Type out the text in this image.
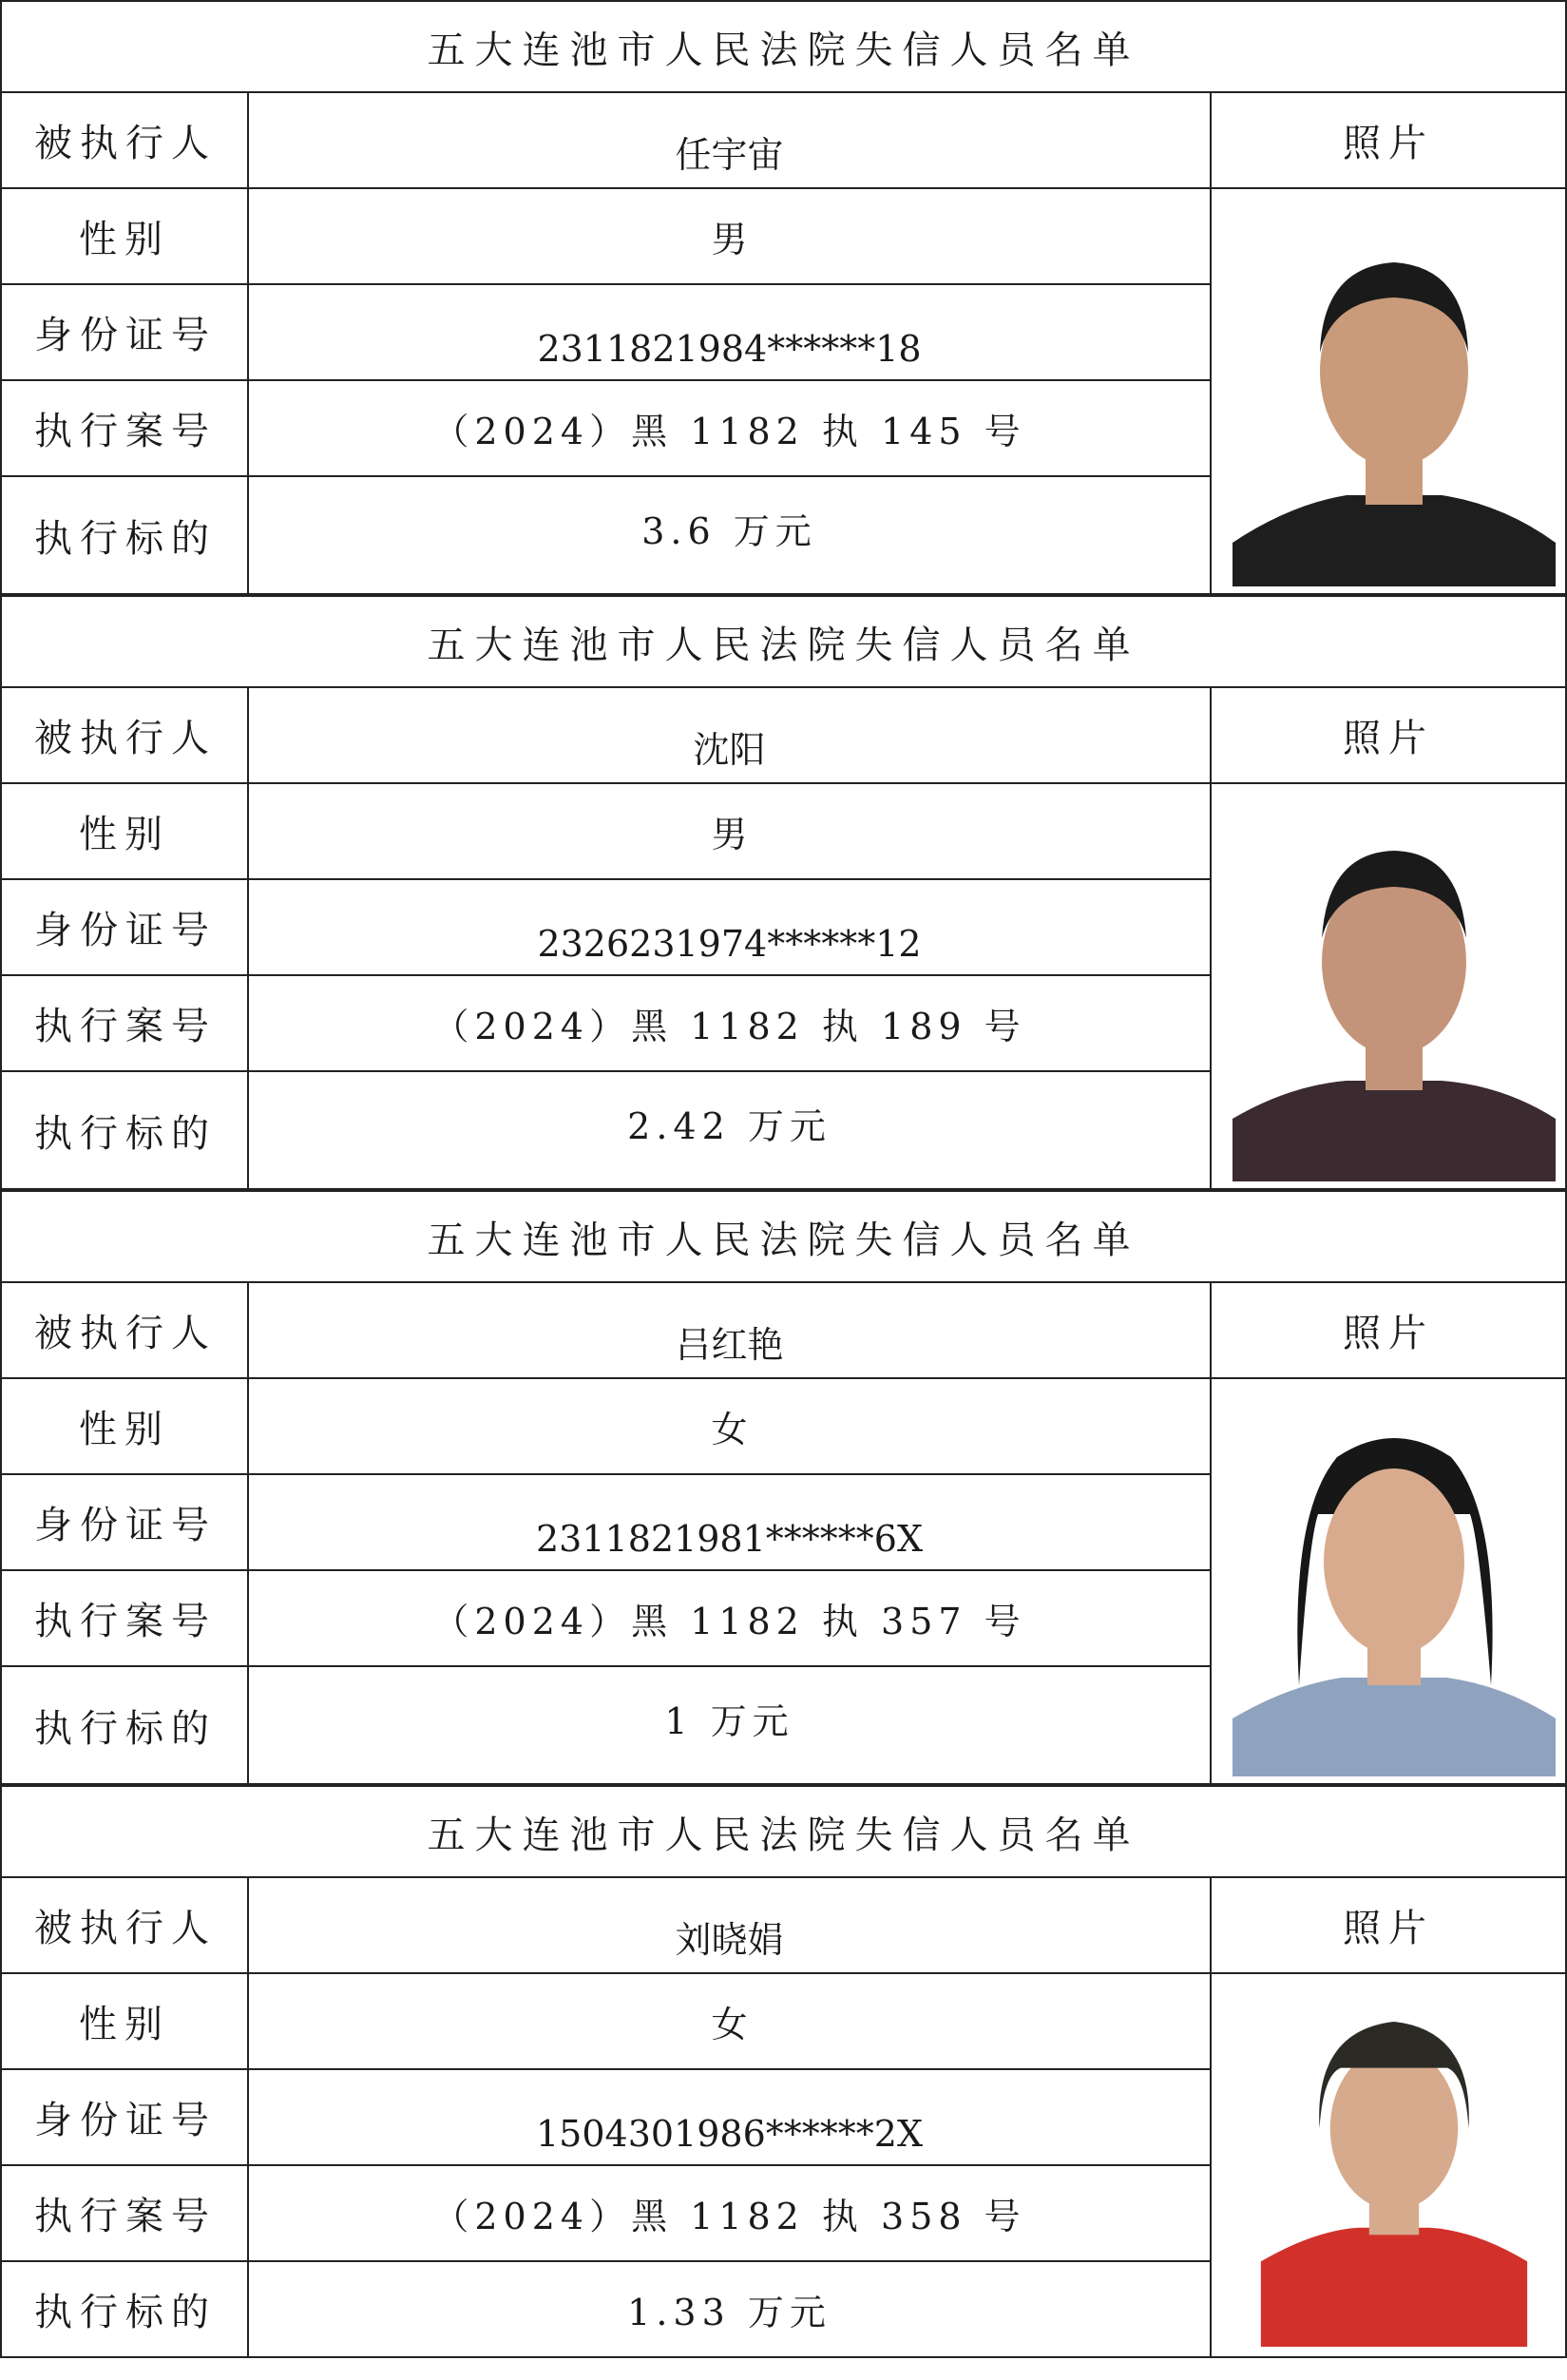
五大连池市人民法院失信人员名单
被执行人	任宇宙	照片
性别	男
身份证号	2311821984******18
执行案号	（2024）黑 1182 执 145 号
执行标的	3.6 万元
五大连池市人民法院失信人员名单
被执行人	沈阳	照片
性别	男
身份证号	2326231974******12
执行案号	（2024）黑 1182 执 189 号
执行标的	2.42 万元
五大连池市人民法院失信人员名单
被执行人	吕红艳	照片
性别	女
身份证号	2311821981******6X
执行案号	（2024）黑 1182 执 357 号
执行标的	1 万元
五大连池市人民法院失信人员名单
被执行人	刘晓娟	照片
性别	女
身份证号	1504301986******2X
执行案号	（2024）黑 1182 执 358 号
执行标的	1.33 万元
